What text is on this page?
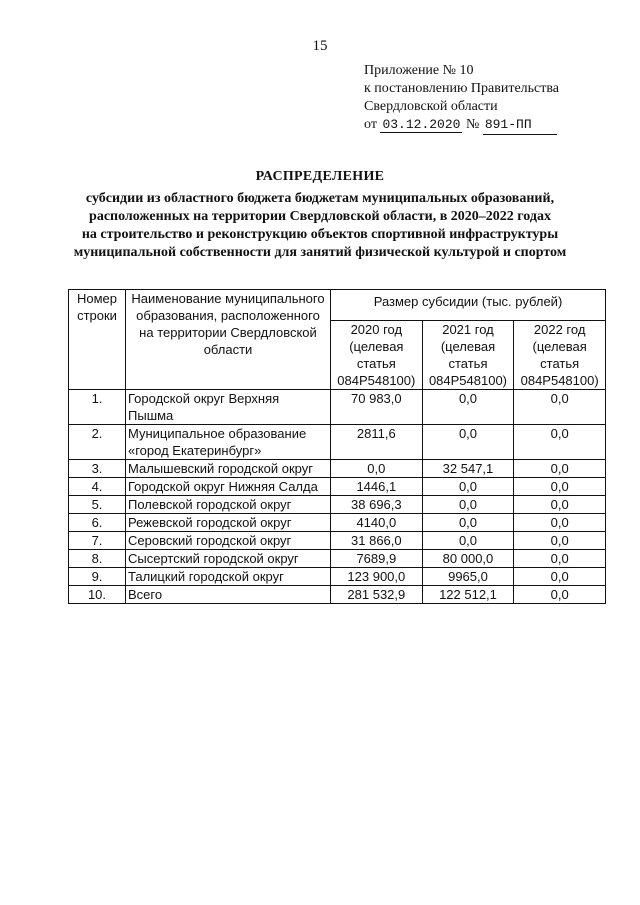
15
Приложение № 10
к постановлению Правительства
Свердловской области
от 03.12.2020 № 891-ПП
РАСПРЕДЕЛЕНИЕ
субсидии из областного бюджета бюджетам муниципальных образований,
расположенных на территории Свердловской области, в 2020–2022 годах
на строительство и реконструкцию объектов спортивной инфраструктуры
муниципальной собственности для занятий физической культурой и спортом
Номер строки	Наименование муниципального образования, расположенного на территории Свердловской области	Размер субсидии (тыс. рублей)		
		2020 год (целевая статья 084P548100)	2021 год (целевая статья 084P548100)	2022 год (целевая статья 084P548100)
1.	Городской округ Верхняя Пышма	70 983,0	0,0	0,0
2.	Муниципальное образование «город Екатеринбург»	2811,6	0,0	0,0
3.	Малышевский городской округ	0,0	32 547,1	0,0
4.	Городской округ Нижняя Салда	1446,1	0,0	0,0
5.	Полевской городской округ	38 696,3	0,0	0,0
6.	Режевской городской округ	4140,0	0,0	0,0
7.	Серовский городской округ	31 866,0	0,0	0,0
8.	Сысертский городской округ	7689,9	80 000,0	0,0
9.	Талицкий городской округ	123 900,0	9965,0	0,0
10.	Всего	281 532,9	122 512,1	0,0
